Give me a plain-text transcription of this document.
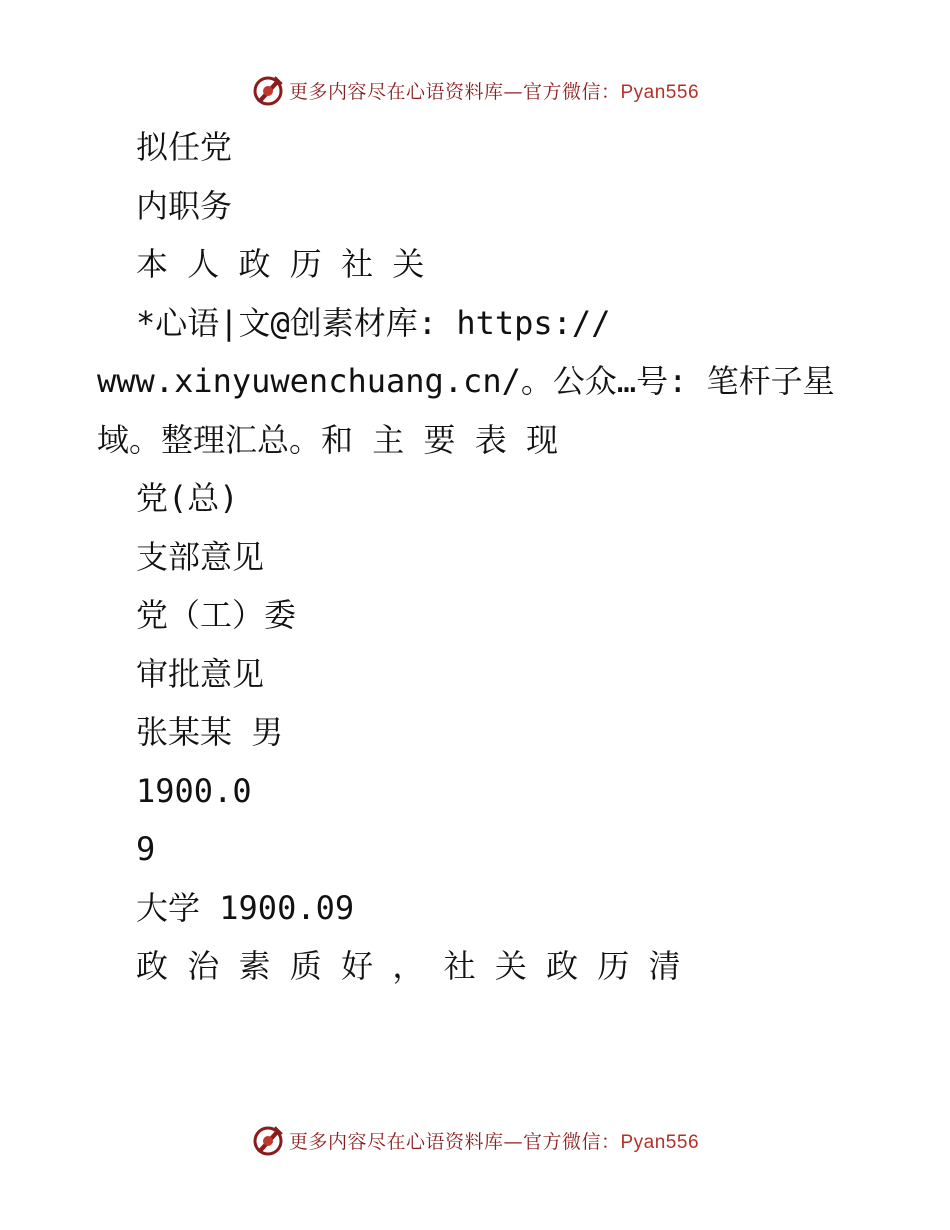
更多内容尽在心语资料库—官方微信：Pyan556
拟任党
内职务
本 人 政 历 社 关
*心语|文@创素材库: https://
www.xinyuwenchuang.cn/。公众…号: 笔杆子星
域。整理汇总。和 主 要 表 现
党(总)
支部意见
党（工）委
审批意见
张某某 男
1900.0
9
大学 1900.09
政 治 素 质 好 ， 社 关 政 历 清
更多内容尽在心语资料库—官方微信：Pyan556
